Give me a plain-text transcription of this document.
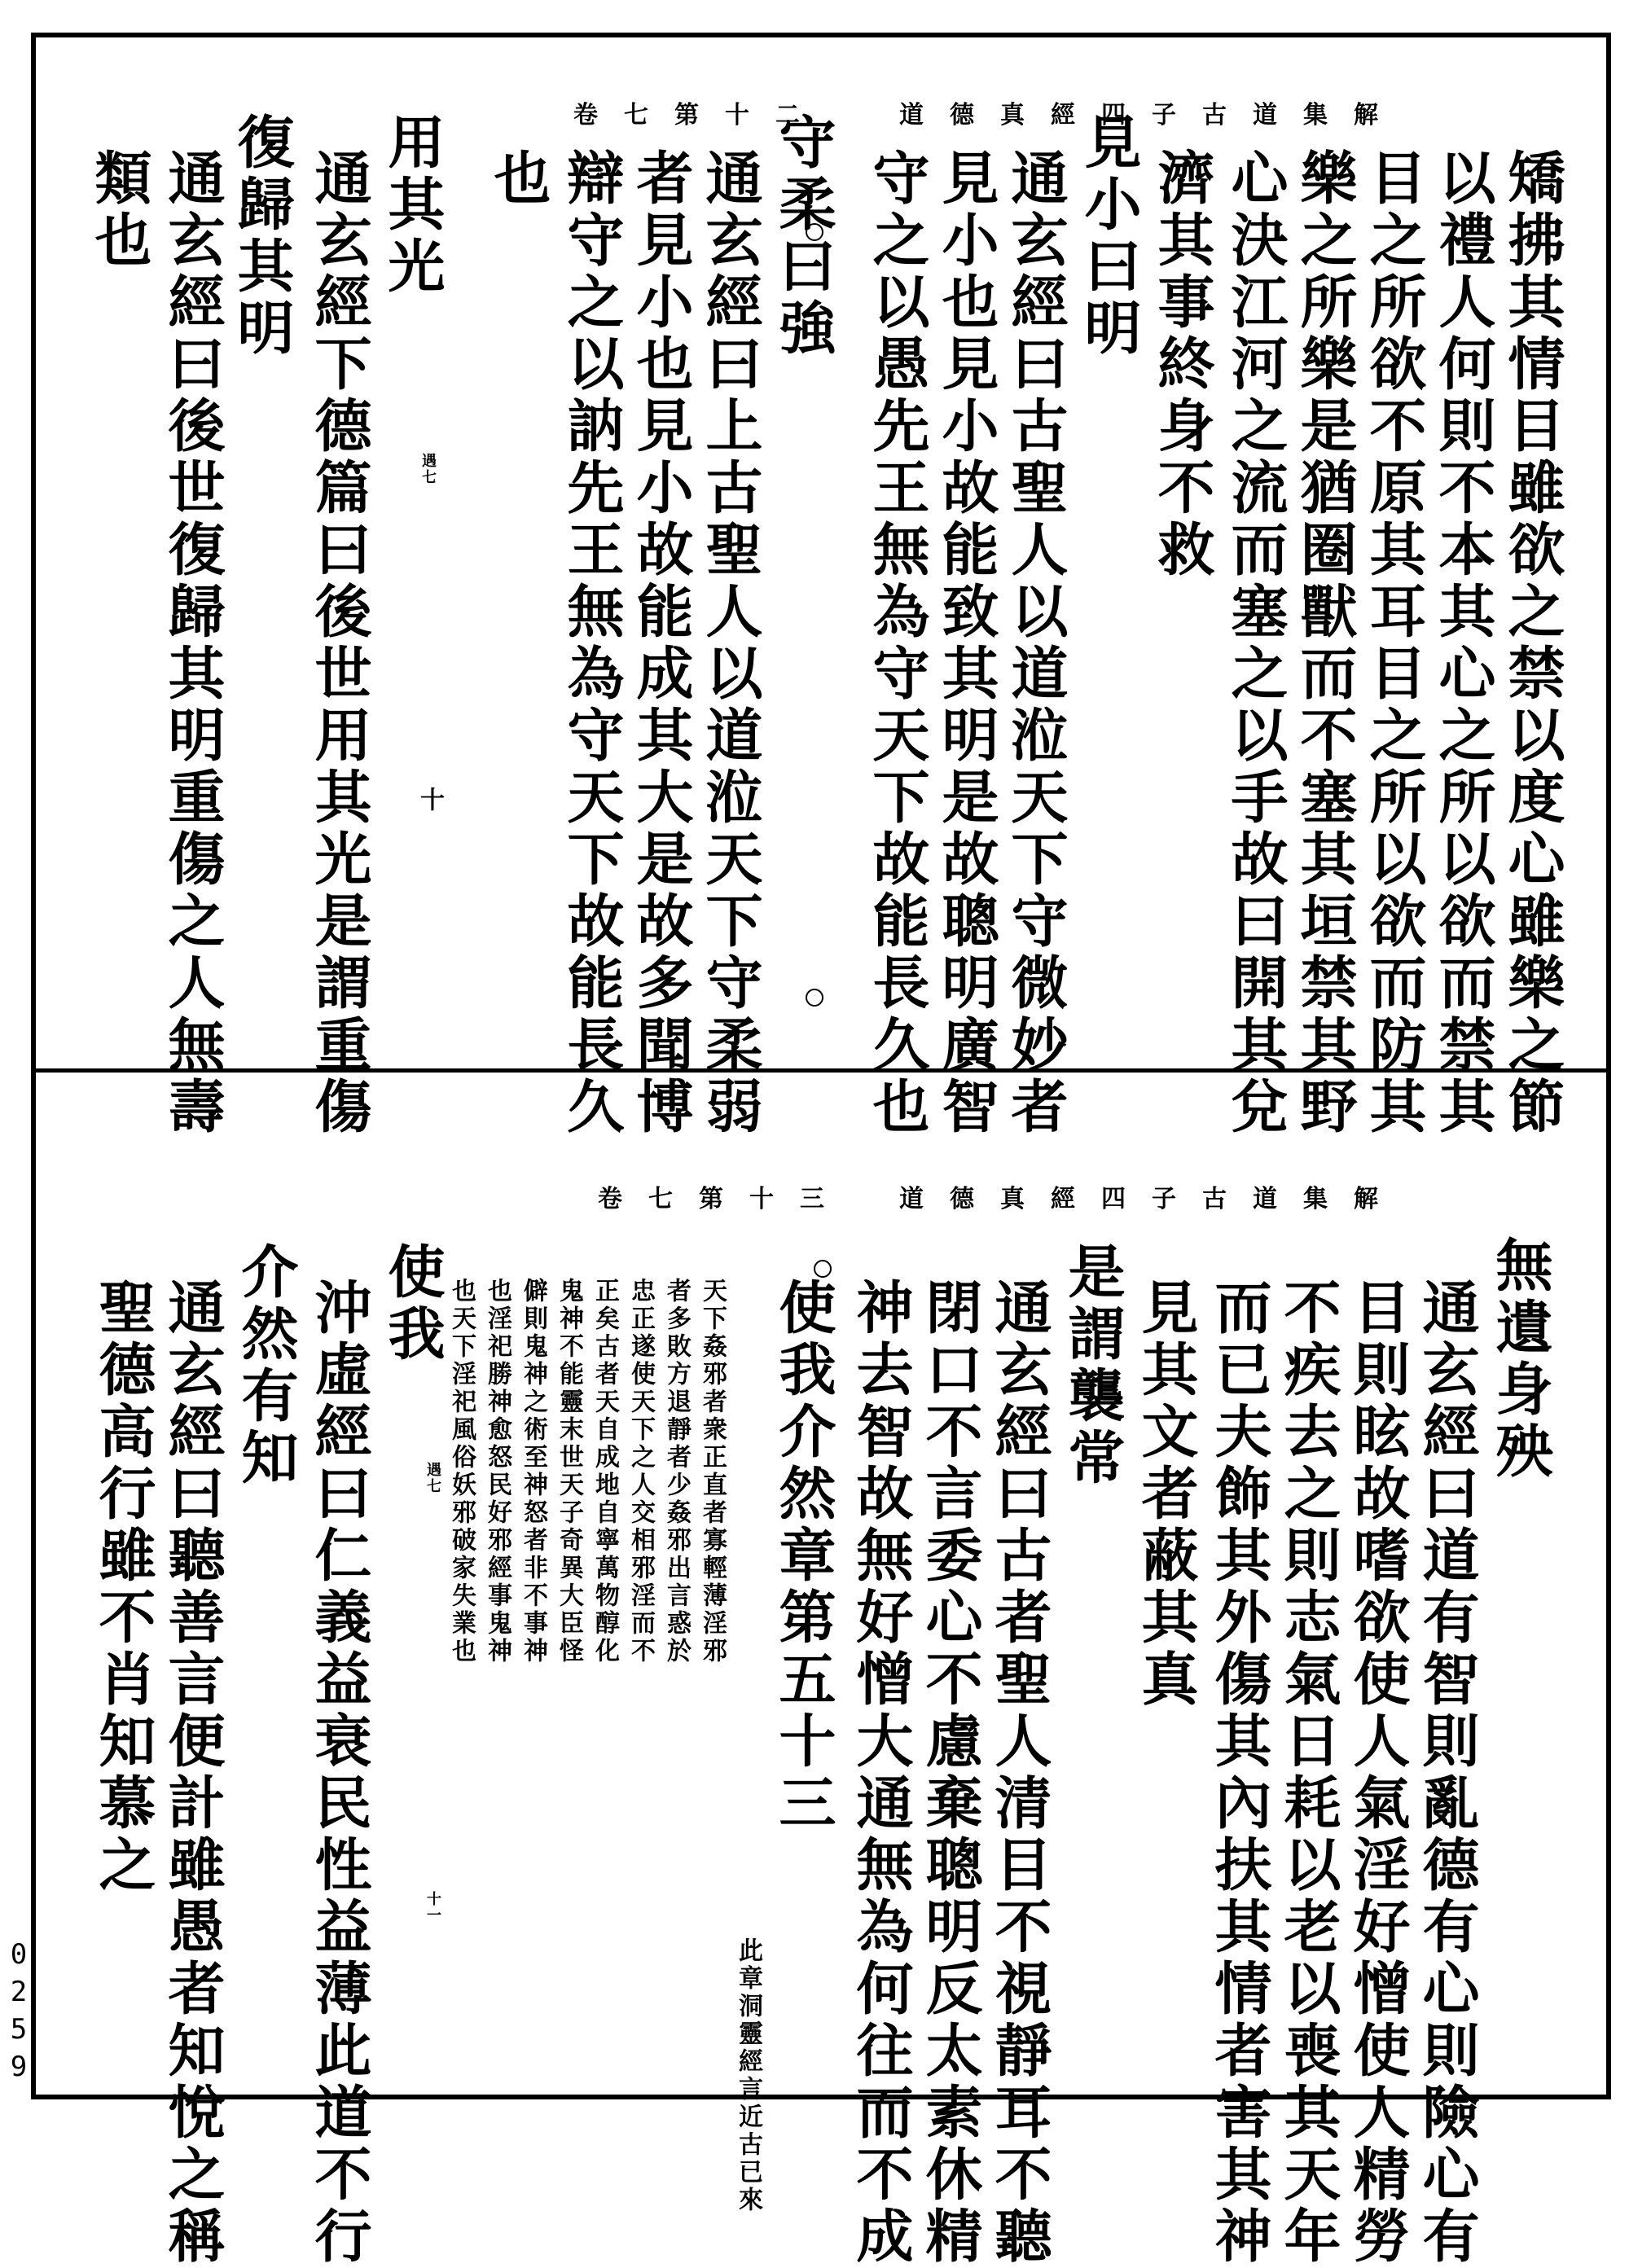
道德真經四子古道集解
卷七第十二
矯拂其情目雖欲之禁以度心雖樂之節
以禮人何則不本其心之所以欲而禁其
目之所欲不原其耳目之所以欲而防其
樂之所樂是猶圈獸而不塞其垣禁其野
心決江河之流而塞之以手故曰開其兌
濟其事終身不救
見小曰明
通玄經曰古聖人以道涖天下守微妙者
見小也見小故能致其明是故聰明廣智
守之以愚先王無為守天下故能長久也
守柔曰強
通玄經曰上古聖人以道涖天下守柔弱
者見小也見小故能成其大是故多聞博
辯守之以訥先王無為守天下故能長久
也
用其光
通玄經下德篇曰後世用其光是謂重傷
復歸其明
通玄經曰後世復歸其明重傷之人無壽
類也
遇七
十
道德真經四子古道集解
卷七第十三
無遺身殃
通玄經曰道有智則亂德有心則險心有
目則眩故嗜欲使人氣淫好憎使人精勞
不疾去之則志氣日耗以老以喪其天年
而已夫飾其外傷其內扶其情者害其神
見其文者蔽其真
是謂襲常
通玄經曰古者聖人清目不視靜耳不聽
閉口不言委心不慮棄聰明反太素休精
神去智故無好憎大通無為何往而不成
使我介然章第五十三
此章洞靈經言近古已來
天下姦邪者衆正直者寡輕薄淫邪
者多敗方退靜者少姦邪出言惑於
忠正遂使天下之人交相邪淫而不
正矣古者天自成地自寧萬物醇化
鬼神不能靈末世天子奇異大臣怪
僻則鬼神之術至神怒者非不事神
也淫祀勝神愈怒民好邪經事鬼神
也天下淫祀風俗妖邪破家失業也
遇七
十一
使我
沖虛經曰仁義益衰民性益薄此道不行
介然有知
通玄經曰聽善言便計雖愚者知悅之稱
聖德高行雖不肖知慕之
0259
